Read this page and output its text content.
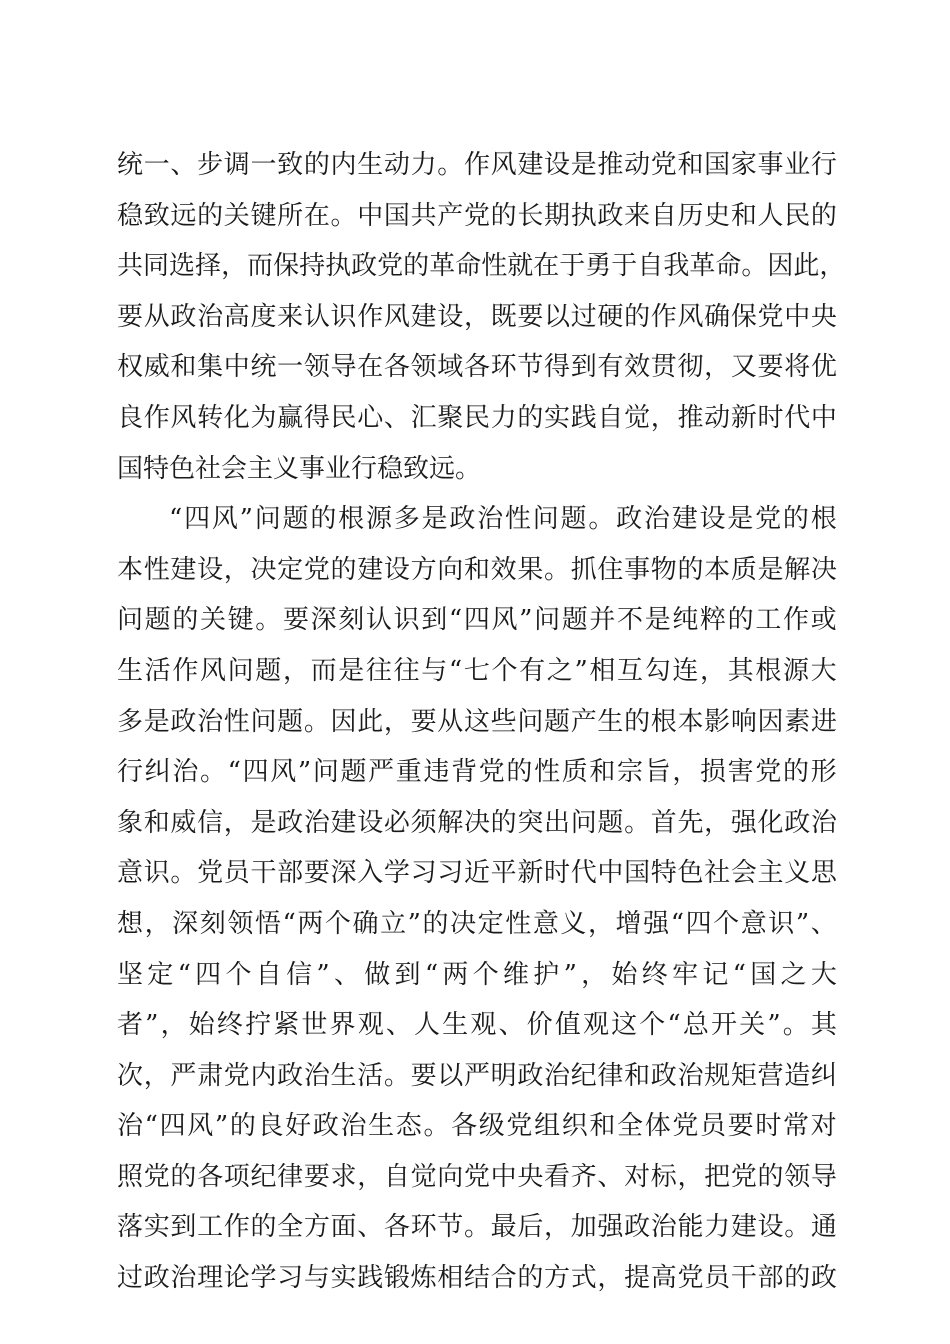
统 一 、 步 调 一 致 的 内 生 动 力 。 作 风 建 设 是 推 动 党 和 国 家 事 业 行
稳 致 远 的 关 键 所 在 。 中 国 共 产 党 的 长 期 执 政 来 自 历 史 和 人 民 的
共 同 选 择 ， 而 保 持 执 政 党 的 革 命 性 就 在 于 勇 于 自 我 革 命 。 因 此 ，
要 从 政 治 高 度 来 认 识 作 风 建 设 ， 既 要 以 过 硬 的 作 风 确 保 党 中 央
权 威 和 集 中 统 一 领 导 在 各 领 域 各 环 节 得 到 有 效 贯 彻 ， 又 要 将 优
良 作 风 转 化 为 赢 得 民 心 、 汇 聚 民 力 的 实 践 自 觉 ， 推 动 新 时 代 中
国特色社会主义事业行稳致远。
“ 四 风 ” 问 题 的 根 源 多 是 政 治 性 问 题 。 政 治 建 设 是 党 的 根
本 性 建 设 ， 决 定 党 的 建 设 方 向 和 效 果 。 抓 住 事 物 的 本 质 是 解 决
问 题 的 关 键 。 要 深 刻 认 识 到 “ 四 风 ” 问 题 并 不 是 纯 粹 的 工 作 或
生 活 作 风 问 题 ， 而 是 往 往 与 “ 七 个 有 之 ” 相 互 勾 连 ， 其 根 源 大
多 是 政 治 性 问 题 。 因 此 ， 要 从 这 些 问 题 产 生 的 根 本 影 响 因 素 进
行 纠 治 。 “ 四 风 ” 问 题 严 重 违 背 党 的 性 质 和 宗 旨 ， 损 害 党 的 形
象 和 威 信 ， 是 政 治 建 设 必 须 解 决 的 突 出 问 题 。 首 先 ， 强 化 政 治
意 识 。 党 员 干 部 要 深 入 学 习 习 近 平 新 时 代 中 国 特 色 社 会 主 义 思
想 ， 深 刻 领 悟 “ 两 个 确 立 ” 的 决 定 性 意 义 ， 增 强 “ 四 个 意 识 ” 、
坚 定 “ 四 个 自 信 ” 、 做 到 “ 两 个 维 护 ” ， 始 终 牢 记 “ 国 之 大
者 ” ， 始 终 拧 紧 世 界 观 、 人 生 观 、 价 值 观 这 个 “ 总 开 关 ” 。 其
次 ， 严 肃 党 内 政 治 生 活 。 要 以 严 明 政 治 纪 律 和 政 治 规 矩 营 造 纠
治 “ 四 风 ” 的 良 好 政 治 生 态 。 各 级 党 组 织 和 全 体 党 员 要 时 常 对
照 党 的 各 项 纪 律 要 求 ， 自 觉 向 党 中 央 看 齐 、 对 标 ， 把 党 的 领 导
落 实 到 工 作 的 全 方 面 、 各 环 节 。 最 后 ， 加 强 政 治 能 力 建 设 。 通
过 政 治 理 论 学 习 与 实 践 锻 炼 相 结 合 的 方 式 ， 提 高 党 员 干 部 的 政
